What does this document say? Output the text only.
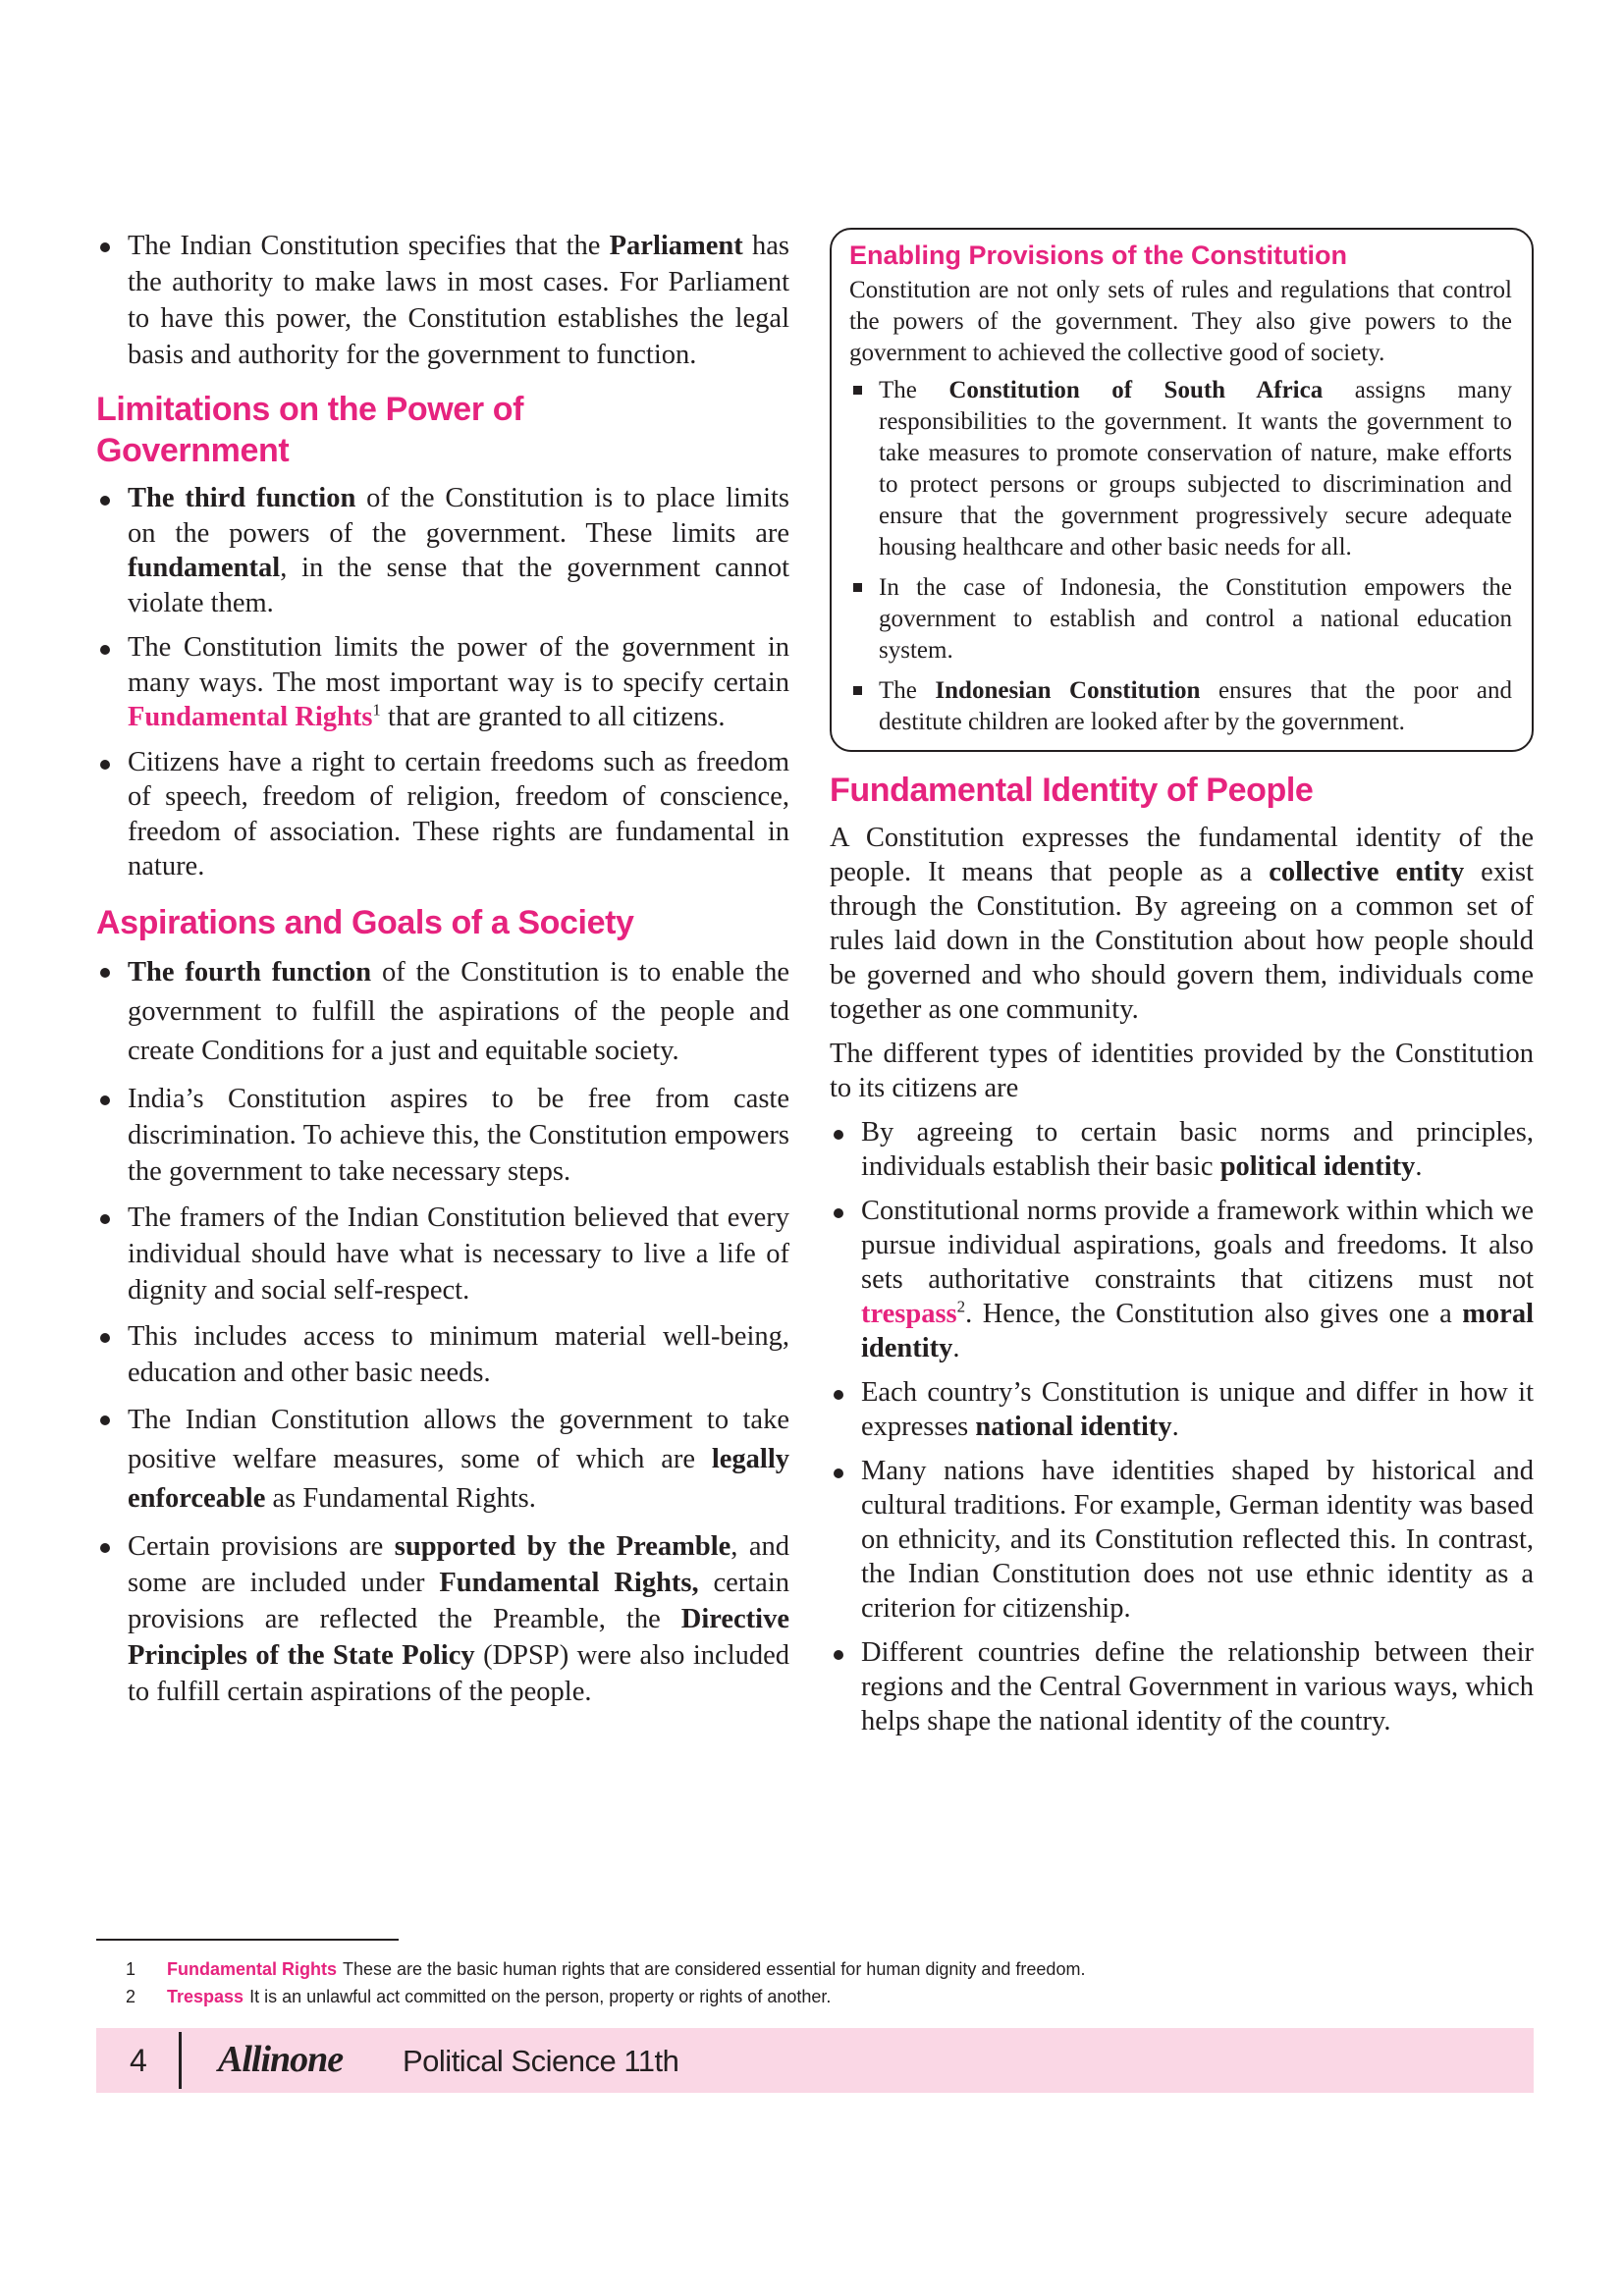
The Indian Constitution specifies that the Parliament has the authority to make laws in most cases. For Parliament to have this power, the Constitution establishes the legal basis and authority for the government to function.
Limitations on the Power of Government
The third function of the Constitution is to place limits on the powers of the government. These limits are fundamental, in the sense that the government cannot violate them.
The Constitution limits the power of the government in many ways. The most important way is to specify certain Fundamental Rights$^1$ that are granted to all citizens.
Citizens have a right to certain freedoms such as freedom of speech, freedom of religion, freedom of conscience, freedom of association. These rights are fundamental in nature.
Aspirations and Goals of a Society
The fourth function of the Constitution is to enable the government to fulfill the aspirations of the people and create Conditions for a just and equitable society.
India’s Constitution aspires to be free from caste discrimination. To achieve this, the Constitution empowers the government to take necessary steps.
The framers of the Indian Constitution believed that every individual should have what is necessary to live a life of dignity and social self-respect.
This includes access to minimum material well-being, education and other basic needs.
The Indian Constitution allows the government to take positive welfare measures, some of which are legally enforceable as Fundamental Rights.
Certain provisions are supported by the Preamble, and some are included under Fundamental Rights, certain provisions are reflected the Preamble, the Directive Principles of the State Policy (DPSP) were also included to fulfill certain aspirations of the people.
Enabling Provisions of the Constitution

Constitution are not only sets of rules and regulations that control the powers of the government. They also give powers to the government to achieved the collective good of society.

The Constitution of South Africa assigns many responsibilities to the government. It wants the government to take measures to promote conservation of nature, make efforts to protect persons or groups subjected to discrimination and ensure that the government progressively secure adequate housing healthcare and other basic needs for all.
In the case of Indonesia, the Constitution empowers the government to establish and control a national education system.
The Indonesian Constitution ensures that the poor and destitute children are looked after by the government.
Fundamental Identity of People

A Constitution expresses the fundamental identity of the people. It means that people as a collective entity exist through the Constitution. By agreeing on a common set of rules laid down in the Constitution about how people should be governed and who should govern them, individuals come together as one community.

The different types of identities provided by the Constitution to its citizens are

By agreeing to certain basic norms and principles, individuals establish their basic political identity.
Constitutional norms provide a framework within which we pursue individual aspirations, goals and freedoms. It also sets authoritative constraints that citizens must not trespass$^2$. Hence, the Constitution also gives one a moral identity.
Each country’s Constitution is unique and differ in how it expresses national identity.
Many nations have identities shaped by historical and cultural traditions. For example, German identity was based on ethnicity, and its Constitution reflected this. In contrast, the Indian Constitution does not use ethnic identity as a criterion for citizenship.
Different countries define the relationship between their regions and the Central Government in various ways, which helps shape the national identity of the country.
1	Fundamental Rights These are the basic human rights that are considered essential for human dignity and freedom.
2	Trespass It is an unlawful act committed on the person, property or rights of another.
4 Allinone Political Science 11th
